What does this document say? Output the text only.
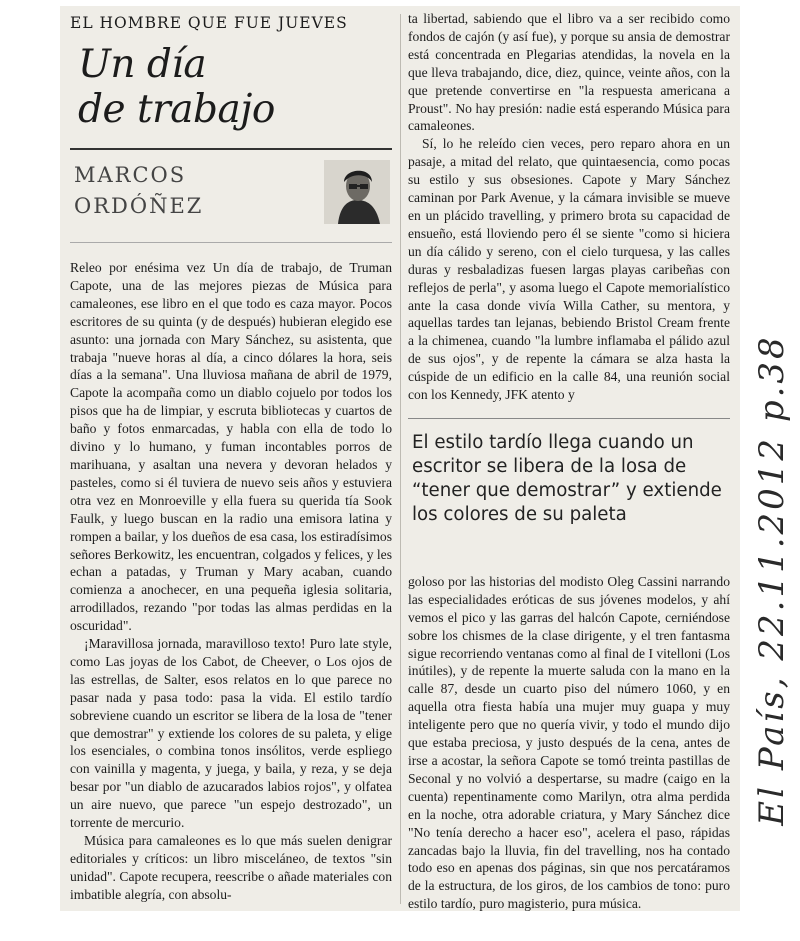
EL HOMBRE QUE FUE JUEVES
Un día
de trabajo
MARCOS
ORDÓÑEZ

Releo por enésima vez Un día de trabajo, de Truman Capote, una de las mejores piezas de Música para camaleones, ese libro en el que todo es caza mayor. Pocos escritores de su quinta (y de después) hubieran elegido ese asunto: una jornada con Mary Sánchez, su asistenta, que trabaja "nueve horas al día, a cinco dólares la hora, seis días a la semana". Una lluviosa mañana de abril de 1979, Capote la acompaña como un diablo cojuelo por todos los pisos que ha de limpiar, y escruta bibliotecas y cuartos de baño y fotos enmarcadas, y habla con ella de todo lo divino y lo humano, y fuman incontables porros de marihuana, y asaltan una nevera y devoran helados y pasteles, como si él tuviera de nuevo seis años y estuviera otra vez en Monroeville y ella fuera su querida tía Sook Faulk, y luego buscan en la radio una emisora latina y rompen a bailar, y los dueños de esa casa, los estiradísimos señores Berkowitz, les encuentran, colgados y felices, y les echan a patadas, y Truman y Mary acaban, cuando comienza a anochecer, en una pequeña iglesia solitaria, arrodillados, rezando "por todas las almas perdidas en la oscuridad".

¡Maravillosa jornada, maravilloso texto! Puro late style, como Las joyas de los Cabot, de Cheever, o Los ojos de las estrellas, de Salter, esos relatos en lo que parece no pasar nada y pasa todo: pasa la vida. El estilo tardío sobreviene cuando un escritor se libera de la losa de "tener que demostrar" y extiende los colores de su paleta, y elige los esenciales, o combina tonos insólitos, verde espliego con vainilla y magenta, y juega, y baila, y reza, y se deja besar por "un diablo de azucarados labios rojos", y olfatea un aire nuevo, que parece "un espejo destrozado", un torrente de mercurio.

Música para camaleones es lo que más suelen denigrar editoriales y críticos: un libro misceláneo, de textos "sin unidad". Capote recupera, reescribe o añade materiales con imbatible alegría, con absolu-

ta libertad, sabiendo que el libro va a ser recibido como fondos de cajón (y así fue), y porque su ansia de demostrar está concentrada en Plegarias atendidas, la novela en la que lleva trabajando, dice, diez, quince, veinte años, con la que pretende convertirse en "la respuesta americana a Proust". No hay presión: nadie está esperando Música para camaleones.

Sí, lo he releído cien veces, pero reparo ahora en un pasaje, a mitad del relato, que quintaesencia, como pocas su estilo y sus obsesiones. Capote y Mary Sánchez caminan por Park Avenue, y la cámara invisible se mueve en un plácido travelling, y primero brota su capacidad de ensueño, está lloviendo pero él se siente "como si hiciera un día cálido y sereno, con el cielo turquesa, y las calles duras y resbaladizas fuesen largas playas caribeñas con reflejos de perla", y asoma luego el Capote memorialístico ante la casa donde vivía Willa Cather, su mentora, y aquellas tardes tan lejanas, bebiendo Bristol Cream frente a la chimenea, cuando "la lumbre inflamaba el pálido azul de sus ojos", y de repente la cámara se alza hasta la cúspide de un edificio en la calle 84, una reunión social con los Kennedy, JFK atento y

El estilo tardío llega cuando un escritor se libera de la losa de “tener que demostrar” y extiende los colores de su paleta

goloso por las historias del modisto Oleg Cassini narrando las especialidades eróticas de sus jóvenes modelos, y ahí vemos el pico y las garras del halcón Capote, cerniéndose sobre los chismes de la clase dirigente, y el tren fantasma sigue recorriendo ventanas como al final de I vitelloni (Los inútiles), y de repente la muerte saluda con la mano en la calle 87, desde un cuarto piso del número 1060, y en aquella otra fiesta había una mujer muy guapa y muy inteligente pero que no quería vivir, y todo el mundo dijo que estaba preciosa, y justo después de la cena, antes de irse a acostar, la señora Capote se tomó treinta pastillas de Seconal y no volvió a despertarse, su madre (caigo en la cuenta) repentinamente como Marilyn, otra alma perdida en la noche, otra adorable criatura, y Mary Sánchez dice "No tenía derecho a hacer eso", acelera el paso, rápidas zancadas bajo la lluvia, fin del travelling, nos ha contado todo eso en apenas dos páginas, sin que nos percatáramos de la estructura, de los giros, de los cambios de tono: puro estilo tardío, puro magisterio, pura música.

El País, 22.11.2012 p.38
